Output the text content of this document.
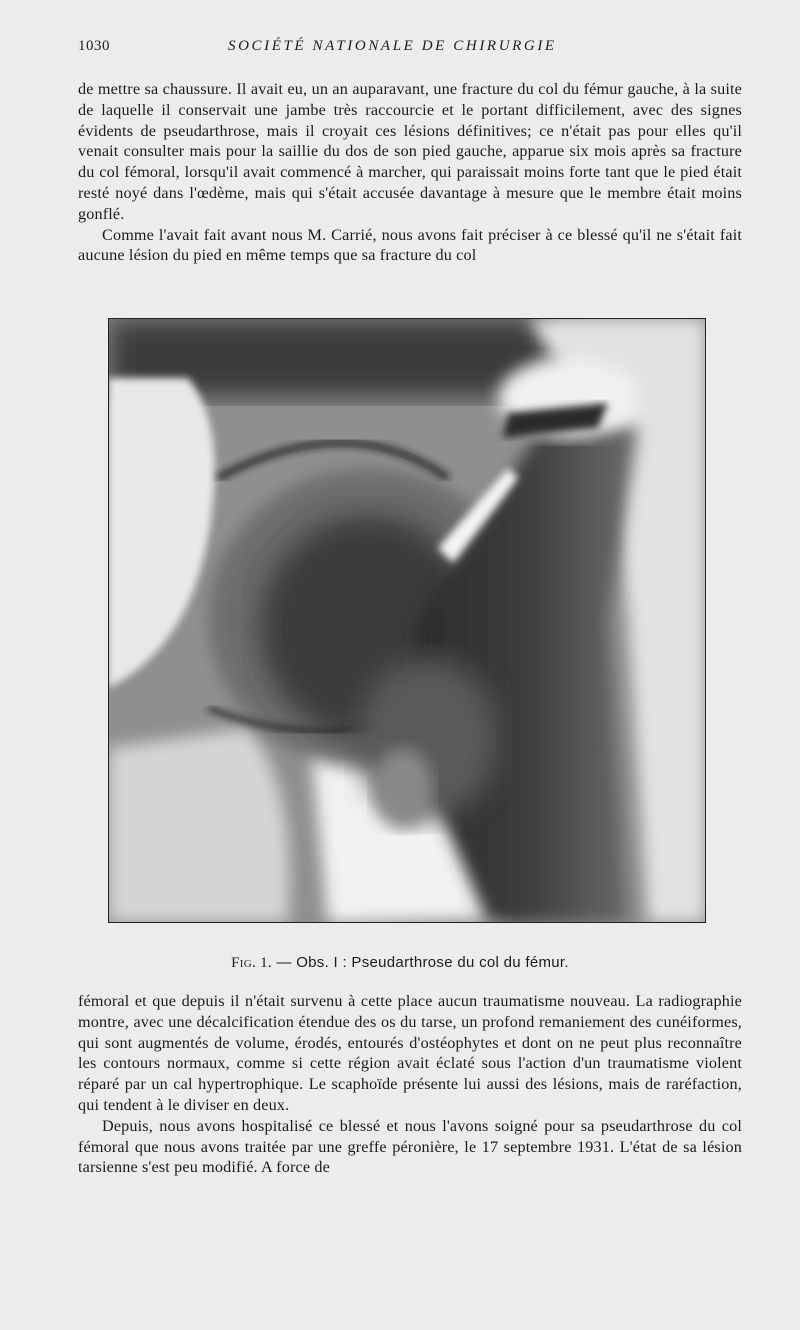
1030	SOCIÉTÉ NATIONALE DE CHIRURGIE

de mettre sa chaussure. Il avait eu, un an auparavant, une fracture du col du fémur gauche, à la suite de laquelle il conservait une jambe très raccourcie et le portant difficilement, avec des signes évidents de pseudarthrose, mais il croyait ces lésions définitives; ce n'était pas pour elles qu'il venait consulter mais pour la saillie du dos de son pied gauche, apparue six mois après sa fracture du col fémoral, lorsqu'il avait commencé à marcher, qui paraissait moins forte tant que le pied était resté noyé dans l'œdème, mais qui s'était accusée davantage à mesure que le membre était moins gonflé.

Comme l'avait fait avant nous M. Carrié, nous avons fait préciser à ce blessé qu'il ne s'était fait aucune lésion du pied en même temps que sa fracture du col

Fig. 1. — Obs. I : Pseudarthrose du col du fémur.

fémoral et que depuis il n'était survenu à cette place aucun traumatisme nouveau. La radiographie montre, avec une décalcification étendue des os du tarse, un profond remaniement des cunéiformes, qui sont augmentés de volume, érodés, entourés d'ostéophytes et dont on ne peut plus reconnaître les contours normaux, comme si cette région avait éclaté sous l'action d'un traumatisme violent réparé par un cal hypertrophique. Le scaphoïde présente lui aussi des lésions, mais de raréfaction, qui tendent à le diviser en deux.

Depuis, nous avons hospitalisé ce blessé et nous l'avons soigné pour sa pseudarthrose du col fémoral que nous avons traitée par une greffe péronière, le 17 septembre 1931. L'état de sa lésion tarsienne s'est peu modifié. A force de
